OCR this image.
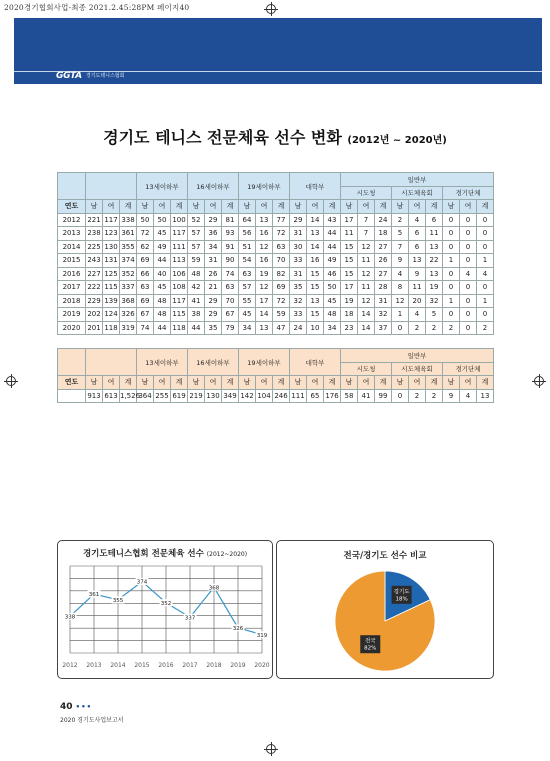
2020경기협회사업-최종 2021.2.45:28PM 페이지40
GGTA 경기도테니스협회
경기도 테니스 전문체육 선수 변화 (2012년 ~ 2020년)
				13세이하부			16세이하부			19세이하부			대학부			일반부								
																시도청			시도체육회			경기단체		
연도	남	여	계	남	여	계	남	여	계	남	여	계	남	여	계	남	여	계	남	여	계	남	여	계
2012	221	117	338	50	50	100	52	29	81	64	13	77	29	14	43	17	7	24	2	4	6	0	0	0
2013	238	123	361	72	45	117	57	36	93	56	16	72	31	13	44	11	7	18	5	6	11	0	0	0
2014	225	130	355	62	49	111	57	34	91	51	12	63	30	14	44	15	12	27	7	6	13	0	0	0
2015	243	131	374	69	44	113	59	31	90	54	16	70	33	16	49	15	11	26	9	13	22	1	0	1
2016	227	125	352	66	40	106	48	26	74	63	19	82	31	15	46	15	12	27	4	9	13	0	4	4
2017	222	115	337	63	45	108	42	21	63	57	12	69	35	15	50	17	11	28	8	11	19	0	0	0
2018	229	139	368	69	48	117	41	29	70	55	17	72	32	13	45	19	12	31	12	20	32	1	0	1
2019	202	124	326	67	48	115	38	29	67	45	14	59	33	15	48	18	14	32	1	4	5	0	0	0
2020	201	118	319	74	44	118	44	35	79	34	13	47	24	10	34	23	14	37	0	2	2	2	0	2
				13세이하부			16세이하부			19세이하부			대학부			일반부								
																시도청			시도체육회			경기단체		
연도	남	여	계	남	여	계	남	여	계	남	여	계	남	여	계	남	여	계	남	여	계	남	여	계
	913	613	1,526	364	255	619	219	130	349	142	104	246	111	65	176	58	41	99	0	2	2	9	4	13
경기도테니스협회 전문체육 선수 (2012~2020)
338
2012
361
2013
355
2014
374
2015
352
2016
337
2017
368
2018
326
2019
319
2020
전국/경기도 선수 비교
경기도
18%
전국
82%
40 •••
2020 경기도사업보고서
